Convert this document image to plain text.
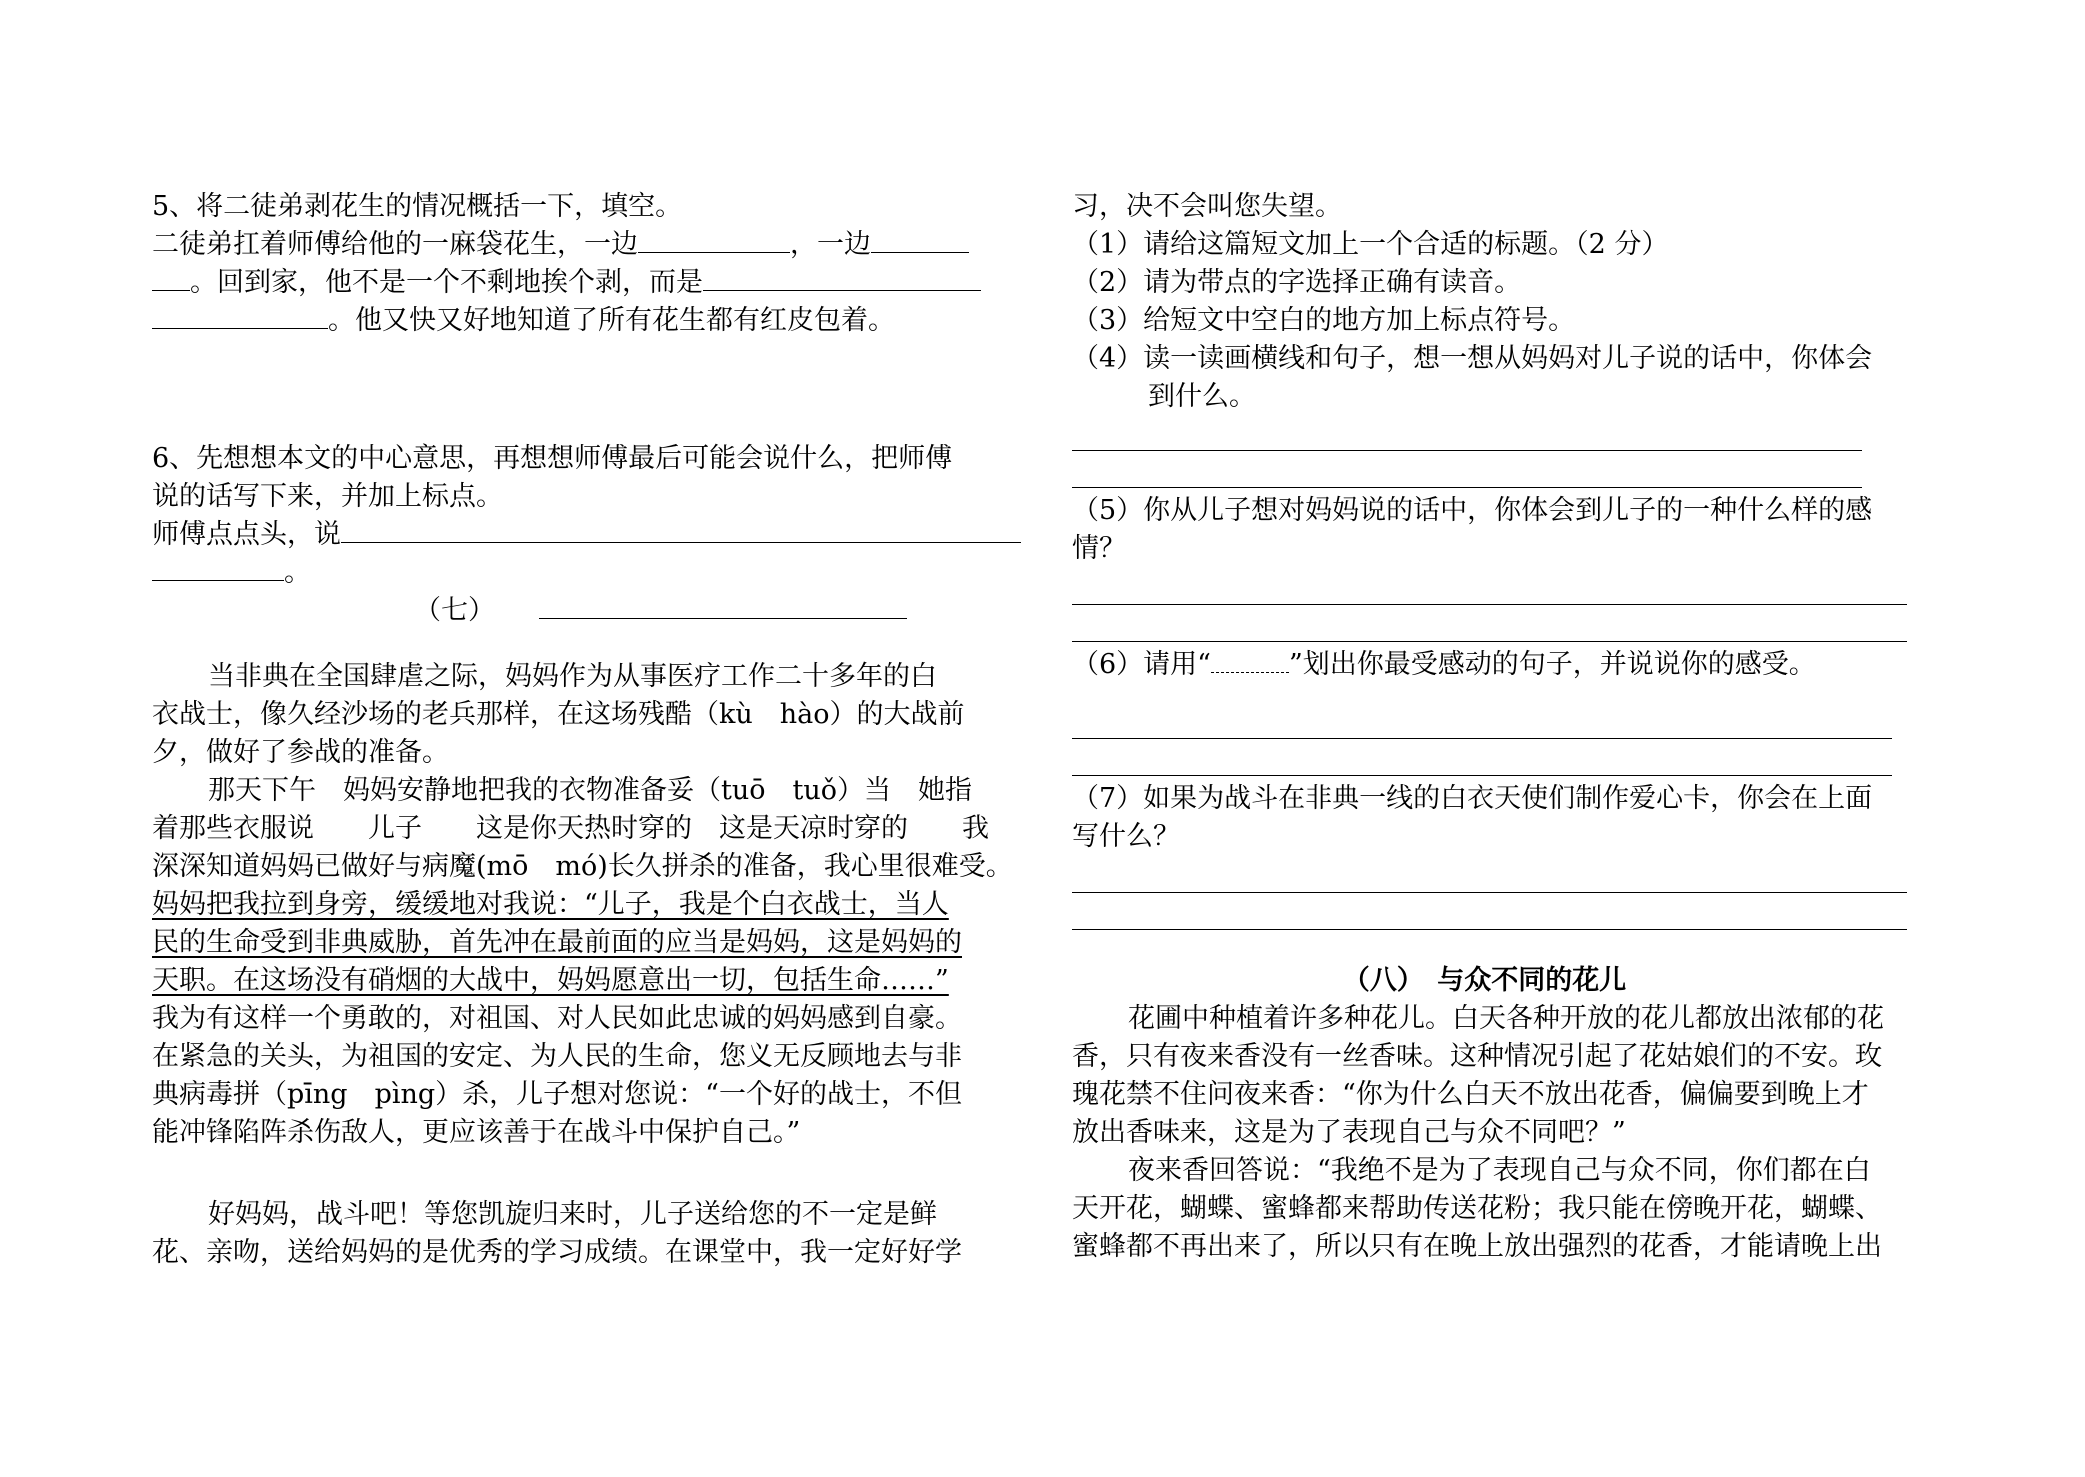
5、将二徒弟剥花生的情况概括一下，填空。
二徒弟扛着师傅给他的一麻袋花生，一边	，一边
。回到家，他不是一个不剩地挨个剥，而是
。他又快又好地知道了所有花生都有红皮包着。
6、先想想本文的中心意思，再想想师傅最后可能会说什么，把师傅
说的话写下来，并加上标点。
师傅点点头，说
。
（七）
当非典在全国肆虐之际，妈妈作为从事医疗工作二十多年的白
衣战士，像久经沙场的老兵那样，在这场残酷（kù　hào）的大战前
夕，做好了参战的准备。
那天下午　妈妈安静地把我的衣物准备妥（tuō　tuǒ）当　她指
着那些衣服说　　儿子　　这是你天热时穿的　这是天凉时穿的　　我
深深知道妈妈已做好与病魔(mō　mó)长久拼杀的准备，我心里很难受。
妈妈把我拉到身旁，缓缓地对我说：“儿子，我是个白衣战士，当人
民的生命受到非典威胁，首先冲在最前面的应当是妈妈，这是妈妈的
天职。在这场没有硝烟的大战中，妈妈愿意出一切，包括生命……”
我为有这样一个勇敢的，对祖国、对人民如此忠诚的妈妈感到自豪。
在紧急的关头，为祖国的安定、为人民的生命，您义无反顾地去与非
典病毒拼（pīng　pìng）杀，儿子想对您说：“一个好的战士，不但
能冲锋陷阵杀伤敌人，更应该善于在战斗中保护自己。”
好妈妈，战斗吧！等您凯旋归来时，儿子送给您的不一定是鲜
花、亲吻，送给妈妈的是优秀的学习成绩。在课堂中，我一定好好学
习，决不会叫您失望。
（1）请给这篇短文加上一个合适的标题。（2 分）
（2）请为带点的字选择正确有读音。
（3）给短文中空白的地方加上标点符号。
（4）读一读画横线和句子，想一想从妈妈对儿子说的话中，你体会
到什么。
（5）你从儿子想对妈妈说的话中，你体会到儿子的一种什么样的感
情？
（6）请用“	”划出你最受感动的句子，并说说你的感受。
（7）如果为战斗在非典一线的白衣天使们制作爱心卡，你会在上面
写什么？
（八）　与众不同的花儿
花圃中种植着许多种花儿。白天各种开放的花儿都放出浓郁的花
香，只有夜来香没有一丝香味。这种情况引起了花姑娘们的不安。玫
瑰花禁不住问夜来香：“你为什么白天不放出花香，偏偏要到晚上才
放出香味来，这是为了表现自己与众不同吧？”
夜来香回答说：“我绝不是为了表现自己与众不同，你们都在白
天开花，蝴蝶、蜜蜂都来帮助传送花粉；我只能在傍晚开花，蝴蝶、
蜜蜂都不再出来了，所以只有在晚上放出强烈的花香，才能请晚上出
